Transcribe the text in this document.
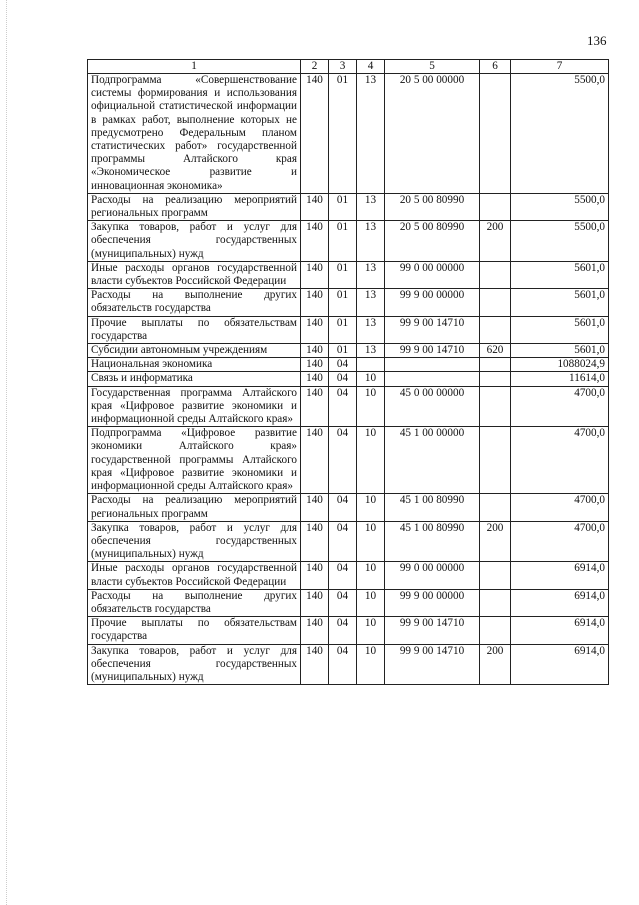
136
1	2	3	4	5	6	7
Подпрограмма «Совершенствование системы формирования и использования официальной статистической информации в рамках работ, выполнение которых не предусмотрено Федеральным планом статистических работ» государственной программы Алтайского края «Экономическое развитие и инновационная экономика»	140	01	13	20 5 00 00000		5500,0
Расходы на реализацию мероприятий региональных программ	140	01	13	20 5 00 80990		5500,0
Закупка товаров, работ и услуг для обеспечения государственных (муниципальных) нужд	140	01	13	20 5 00 80990	200	5500,0
Иные расходы органов государственной власти субъектов Российской Федерации	140	01	13	99 0 00 00000		5601,0
Расходы на выполнение других обязательств государства	140	01	13	99 9 00 00000		5601,0
Прочие выплаты по обязательствам государства	140	01	13	99 9 00 14710		5601,0
Субсидии автономным учреждениям	140	01	13	99 9 00 14710	620	5601,0
Национальная экономика	140	04				1088024,9
Связь и информатика	140	04	10			11614,0
Государственная программа Алтайского края «Цифровое развитие экономики и информационной среды Алтайского края»	140	04	10	45 0 00 00000		4700,0
Подпрограмма «Цифровое развитие экономики Алтайского края» государственной программы Алтайского края «Цифровое развитие экономики и информационной среды Алтайского края»	140	04	10	45 1 00 00000		4700,0
Расходы на реализацию мероприятий региональных программ	140	04	10	45 1 00 80990		4700,0
Закупка товаров, работ и услуг для обеспечения государственных (муниципальных) нужд	140	04	10	45 1 00 80990	200	4700,0
Иные расходы органов государственной власти субъектов Российской Федерации	140	04	10	99 0 00 00000		6914,0
Расходы на выполнение других обязательств государства	140	04	10	99 9 00 00000		6914,0
Прочие выплаты по обязательствам государства	140	04	10	99 9 00 14710		6914,0
Закупка товаров, работ и услуг для обеспечения государственных (муниципальных) нужд	140	04	10	99 9 00 14710	200	6914,0
